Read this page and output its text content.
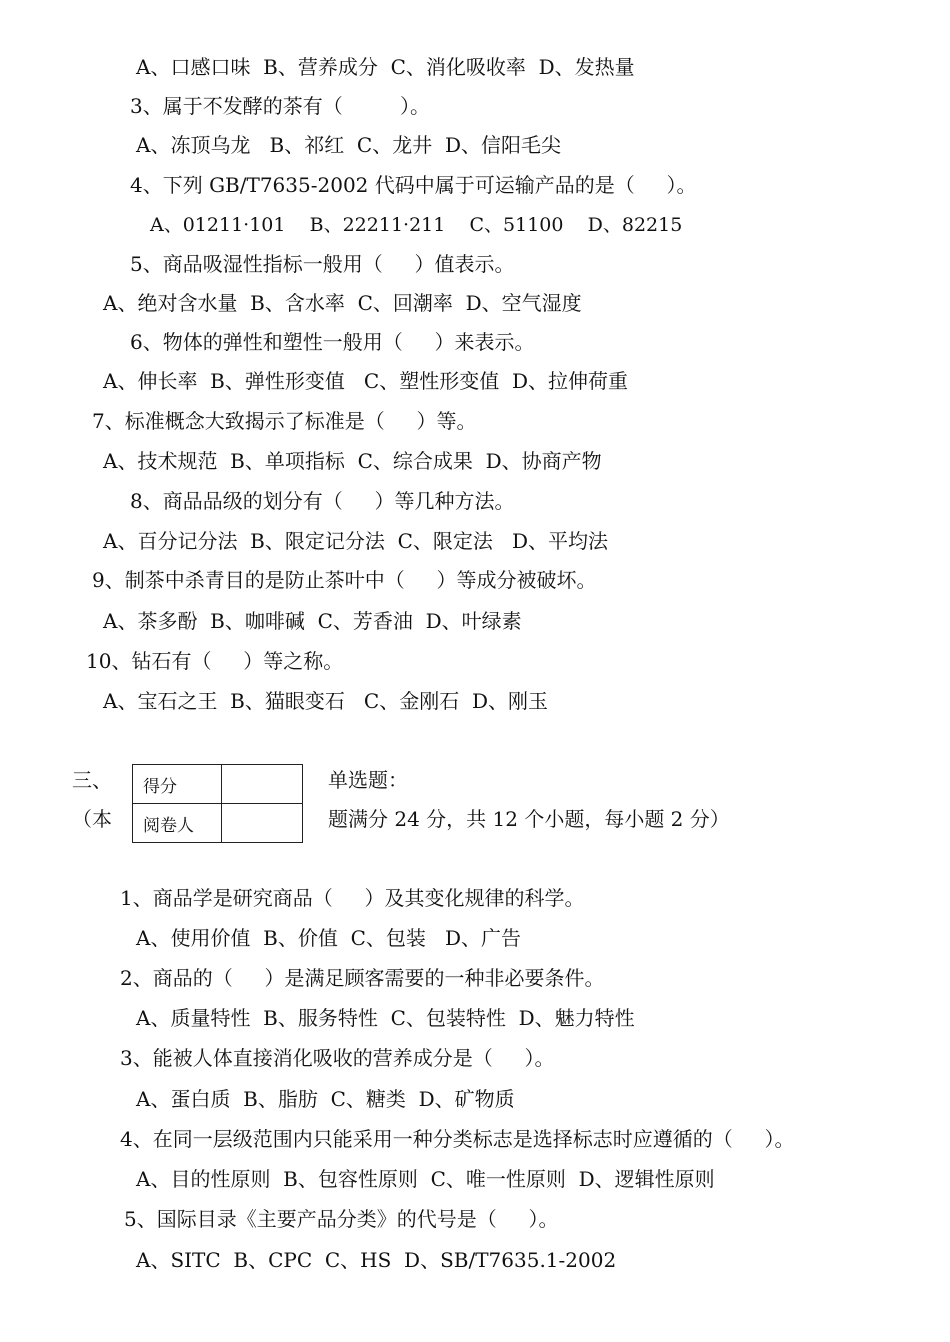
A、口感口味  B、营养成分  C、消化吸收率  D、发热量
3、属于不发酵的茶有（         ）。
A、冻顶乌龙   B、祁红  C、龙井  D、信阳毛尖
4、下列 GB/T7635-2002 代码中属于可运输产品的是（     ）。
A、01211·101    B、22211·211    C、51100    D、82215
5、商品吸湿性指标一般用（     ）值表示。
A、绝对含水量  B、含水率  C、回潮率  D、空气湿度
6、物体的弹性和塑性一般用（     ）来表示。
A、伸长率  B、弹性形变值   C、塑性形变值  D、拉伸荷重
7、标准概念大致揭示了标准是（     ）等。
A、技术规范  B、单项指标  C、综合成果  D、协商产物
8、商品品级的划分有（     ）等几种方法。
A、百分记分法  B、限定记分法  C、限定法   D、平均法
9、制茶中杀青目的是防止茶叶中（     ）等成分被破坏。
A、茶多酚  B、咖啡碱  C、芳香油  D、叶绿素
10、钻石有（     ）等之称。
A、宝石之王  B、猫眼变石   C、金刚石  D、刚玉
三、
（本
得分	
阅卷人	
单选题：
题满分 24 分，共 12 个小题，每小题 2 分）
1、商品学是研究商品（     ）及其变化规律的科学。
A、使用价值  B、价值  C、包装   D、广告
2、商品的（     ）是满足顾客需要的一种非必要条件。
A、质量特性  B、服务特性  C、包装特性  D、魅力特性
3、能被人体直接消化吸收的营养成分是（     ）。
A、蛋白质  B、脂肪  C、糖类  D、矿物质
4、在同一层级范围内只能采用一种分类标志是选择标志时应遵循的（     ）。
A、目的性原则  B、包容性原则  C、唯一性原则  D、逻辑性原则
5、国际目录《主要产品分类》的代号是（     ）。
A、SITC  B、CPC  C、HS  D、SB/T7635.1-2002
